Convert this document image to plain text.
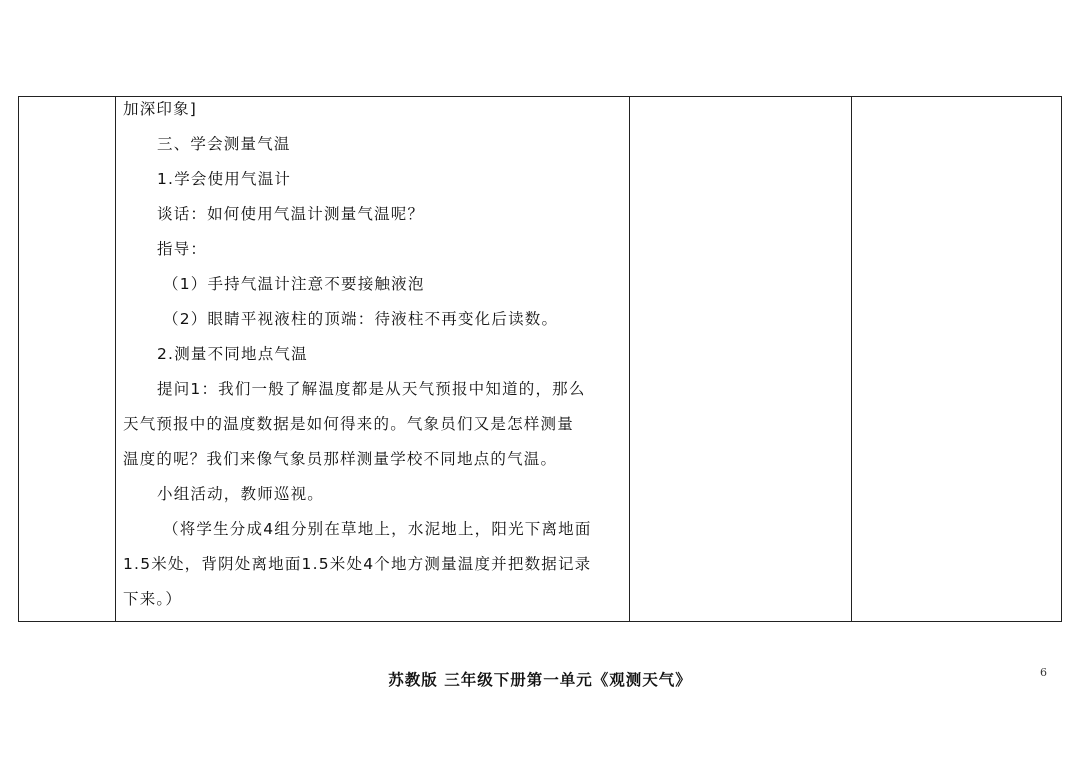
加深印象]
三、学会测量气温
1.学会使用气温计
谈话：如何使用气温计测量气温呢？
指导：
（1）手持气温计注意不要接触液泡
（2）眼睛平视液柱的顶端：待液柱不再变化后读数。
2.测量不同地点气温
提问1：我们一般了解温度都是从天气预报中知道的，那么
天气预报中的温度数据是如何得来的。气象员们又是怎样测量
温度的呢？我们来像气象员那样测量学校不同地点的气温。
小组活动，教师巡视。
（将学生分成4组分别在草地上，水泥地上，阳光下离地面
1.5米处，背阴处离地面1.5米处4个地方测量温度并把数据记录
下来。）
苏教版 三年级下册第一单元《观测天气》	6
